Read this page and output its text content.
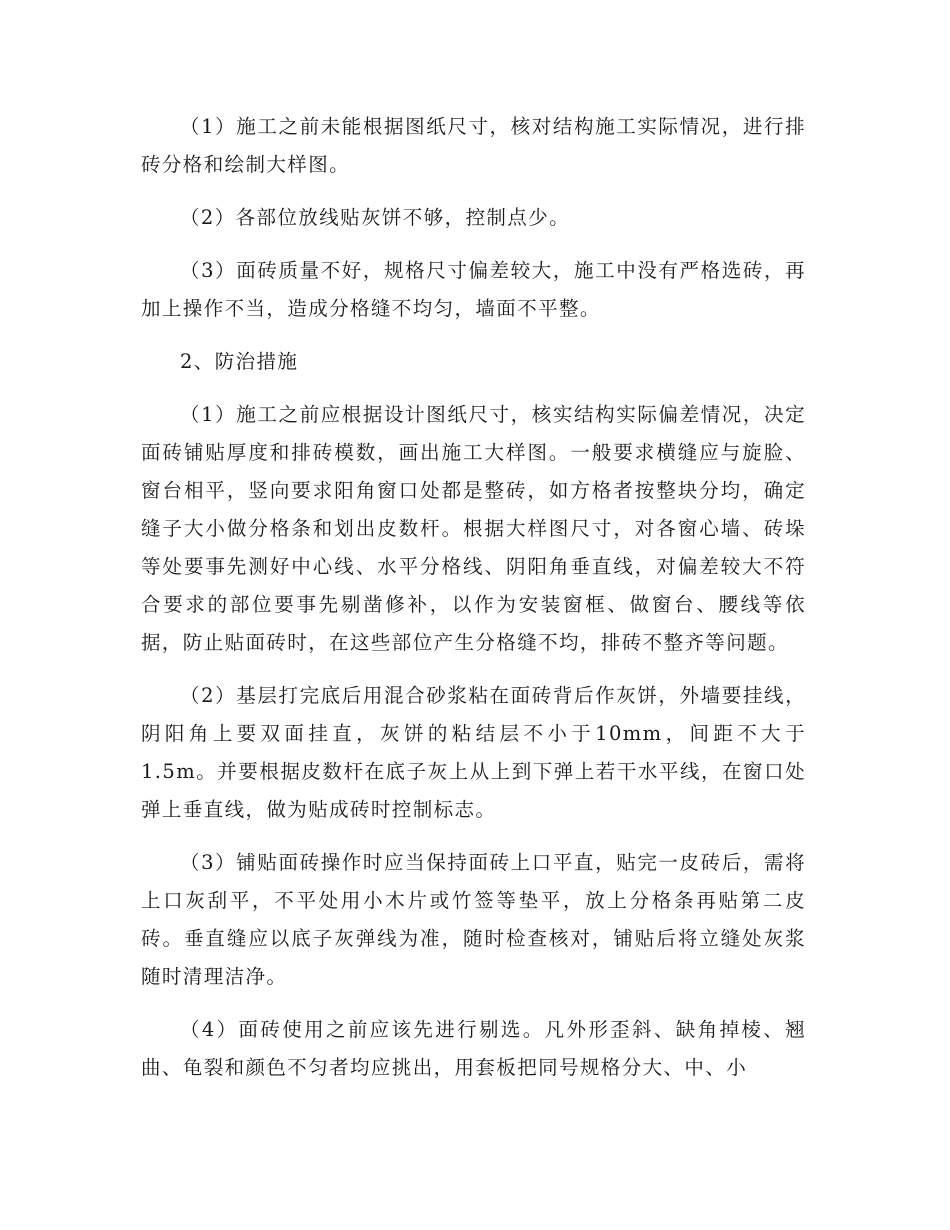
（1）施工之前未能根据图纸尺寸，核对结构施工实际情况，进行排砖分格和绘制大样图。

（2）各部位放线贴灰饼不够，控制点少。

（3）面砖质量不好，规格尺寸偏差较大，施工中没有严格选砖，再加上操作不当，造成分格缝不均匀，墙面不平整。

2、防治措施

（1）施工之前应根据设计图纸尺寸，核实结构实际偏差情况，决定面砖铺贴厚度和排砖模数，画出施工大样图。一般要求横缝应与旋脸、窗台相平，竖向要求阳角窗口处都是整砖，如方格者按整块分均，确定缝子大小做分格条和划出皮数杆。根据大样图尺寸，对各窗心墙、砖垛等处要事先测好中心线、水平分格线、阴阳角垂直线，对偏差较大不符合要求的部位要事先剔凿修补，以作为安装窗框、做窗台、腰线等依据，防止贴面砖时，在这些部位产生分格缝不均，排砖不整齐等问题。

（2）基层打完底后用混合砂浆粘在面砖背后作灰饼，外墙要挂线，阴阳角上要双面挂直，灰饼的粘结层不小于10mm，间距不大于1.5m。并要根据皮数杆在底子灰上从上到下弹上若干水平线，在窗口处弹上垂直线，做为贴成砖时控制标志。

（3）铺贴面砖操作时应当保持面砖上口平直，贴完一皮砖后，需将上口灰刮平，不平处用小木片或竹签等垫平，放上分格条再贴第二皮砖。垂直缝应以底子灰弹线为准，随时检查核对，铺贴后将立缝处灰浆随时清理洁净。

（4）面砖使用之前应该先进行剔选。凡外形歪斜、缺角掉棱、翘曲、龟裂和颜色不匀者均应挑出，用套板把同号规格分大、中、小
